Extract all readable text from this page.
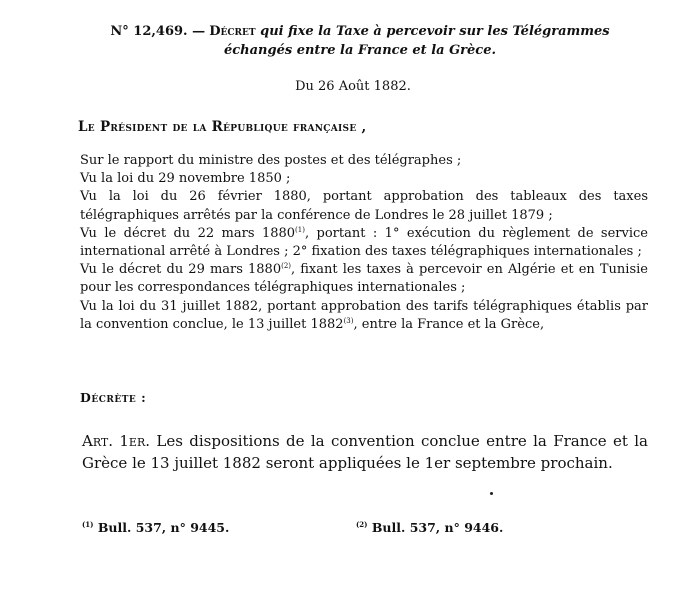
N° 12,469. — Décret qui fixe la Taxe à percevoir sur les Télégrammes
échangés entre la France et la Grèce.
Du 26 Août 1882.
Le Président de la République française ,

Sur le rapport du ministre des postes et des télégraphes ;

Vu la loi du 29 novembre 1850 ;

Vu la loi du 26 février 1880, portant approbation des tableaux des taxes télégraphiques arrêtés par la conférence de Londres le 28 juillet 1879 ;

Vu le décret du 22 mars 1880$^{(1)}$, portant : 1° exécution du règlement de service international arrêté à Londres ; 2° fixation des taxes télégraphiques internationales ;

Vu le décret du 29 mars 1880$^{(2)}$, fixant les taxes à percevoir en Algérie et en Tunisie pour les correspondances télégraphiques internationales ;

Vu la loi du 31 juillet 1882, portant approbation des tarifs télégraphiques établis par la convention conclue, le 13 juillet 1882$^{(3)}$, entre la France et la Grèce,

Décrète :
Art. 1er. Les dispositions de la convention conclue entre la France et la Grèce le 13 juillet 1882 seront appliquées le 1er septembre prochain.
$^{(1)}$ Bull. 537, n° 9445.	$^{(2)}$ Bull. 537, n° 9446.
